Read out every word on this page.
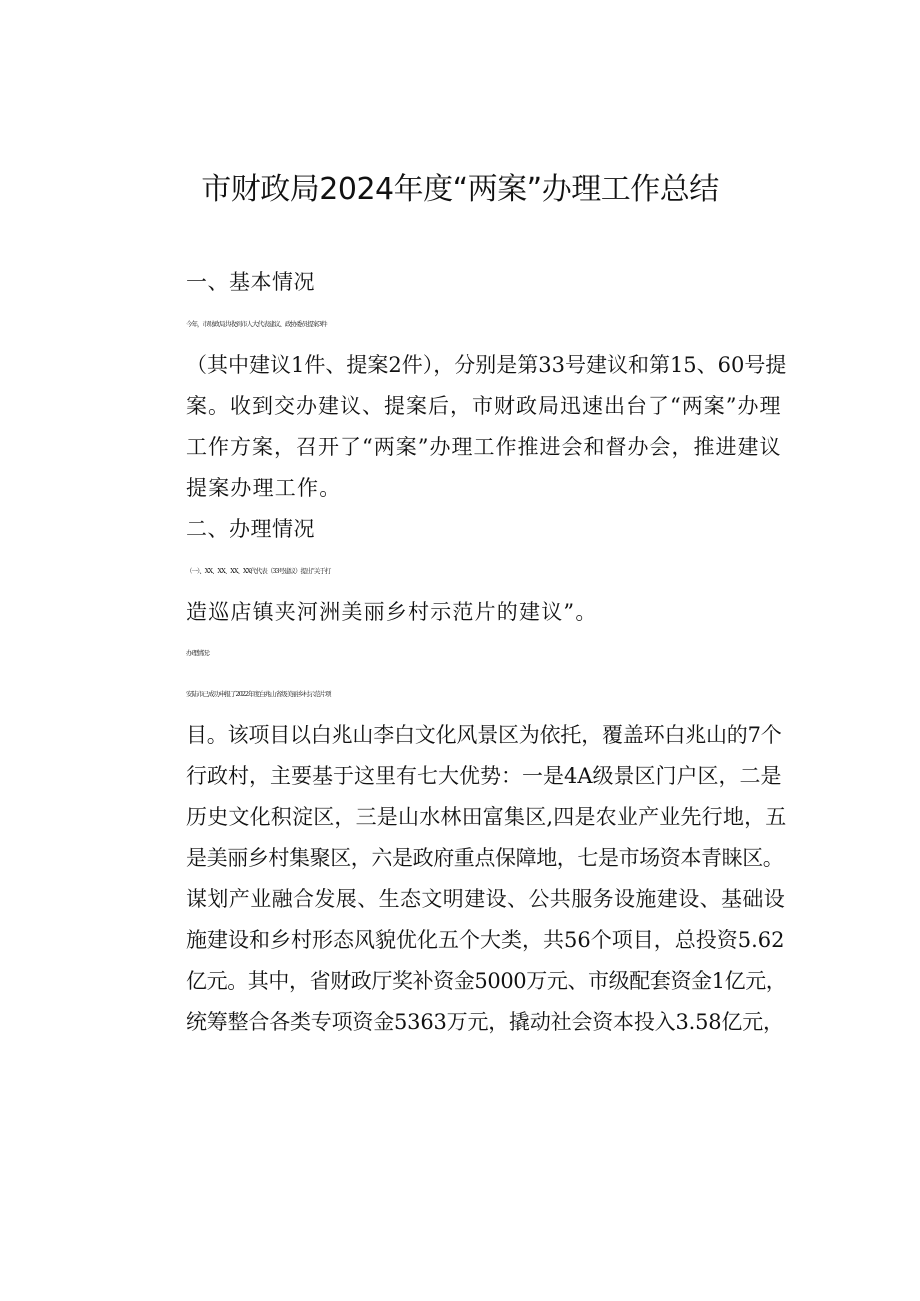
市财政局2024年度“两案”办理工作总结
一、基本情况

今年，市财政局共收到市人大代表建议、政协委员提案3件
（其中建议1件、提案2件），分别是第33号建议和第15、60号提
案。收到交办建议、提案后，市财政局迅速出台了“两案”办理
工作方案，召开了“两案”办理工作推进会和督办会，推进建议
提案办理工作。

二、办理情况

（一）、XX、XX、XX、XX代代表（33号建议）提出“关于打
造巡店镇夹河洲美丽乡村示范片的建议”。

办理情况：

安陆市已成功申报了2022年度白兆山省级美丽乡村示范片项
目。该项目以白兆山李白文化风景区为依托，覆盖环白兆山的7个
行政村，主要基于这里有七大优势：一是4A级景区门户区，二是
历史文化积淀区，三是山水林田富集区,四是农业产业先行地，五
是美丽乡村集聚区，六是政府重点保障地，七是市场资本青睐区。
谋划产业融合发展、生态文明建设、公共服务设施建设、基础设
施建设和乡村形态风貌优化五个大类，共56个项目，总投资5.62
亿元。其中，省财政厅奖补资金5000万元、市级配套资金1亿元，
统筹整合各类专项资金5363万元，撬动社会资本投入3.58亿元，
